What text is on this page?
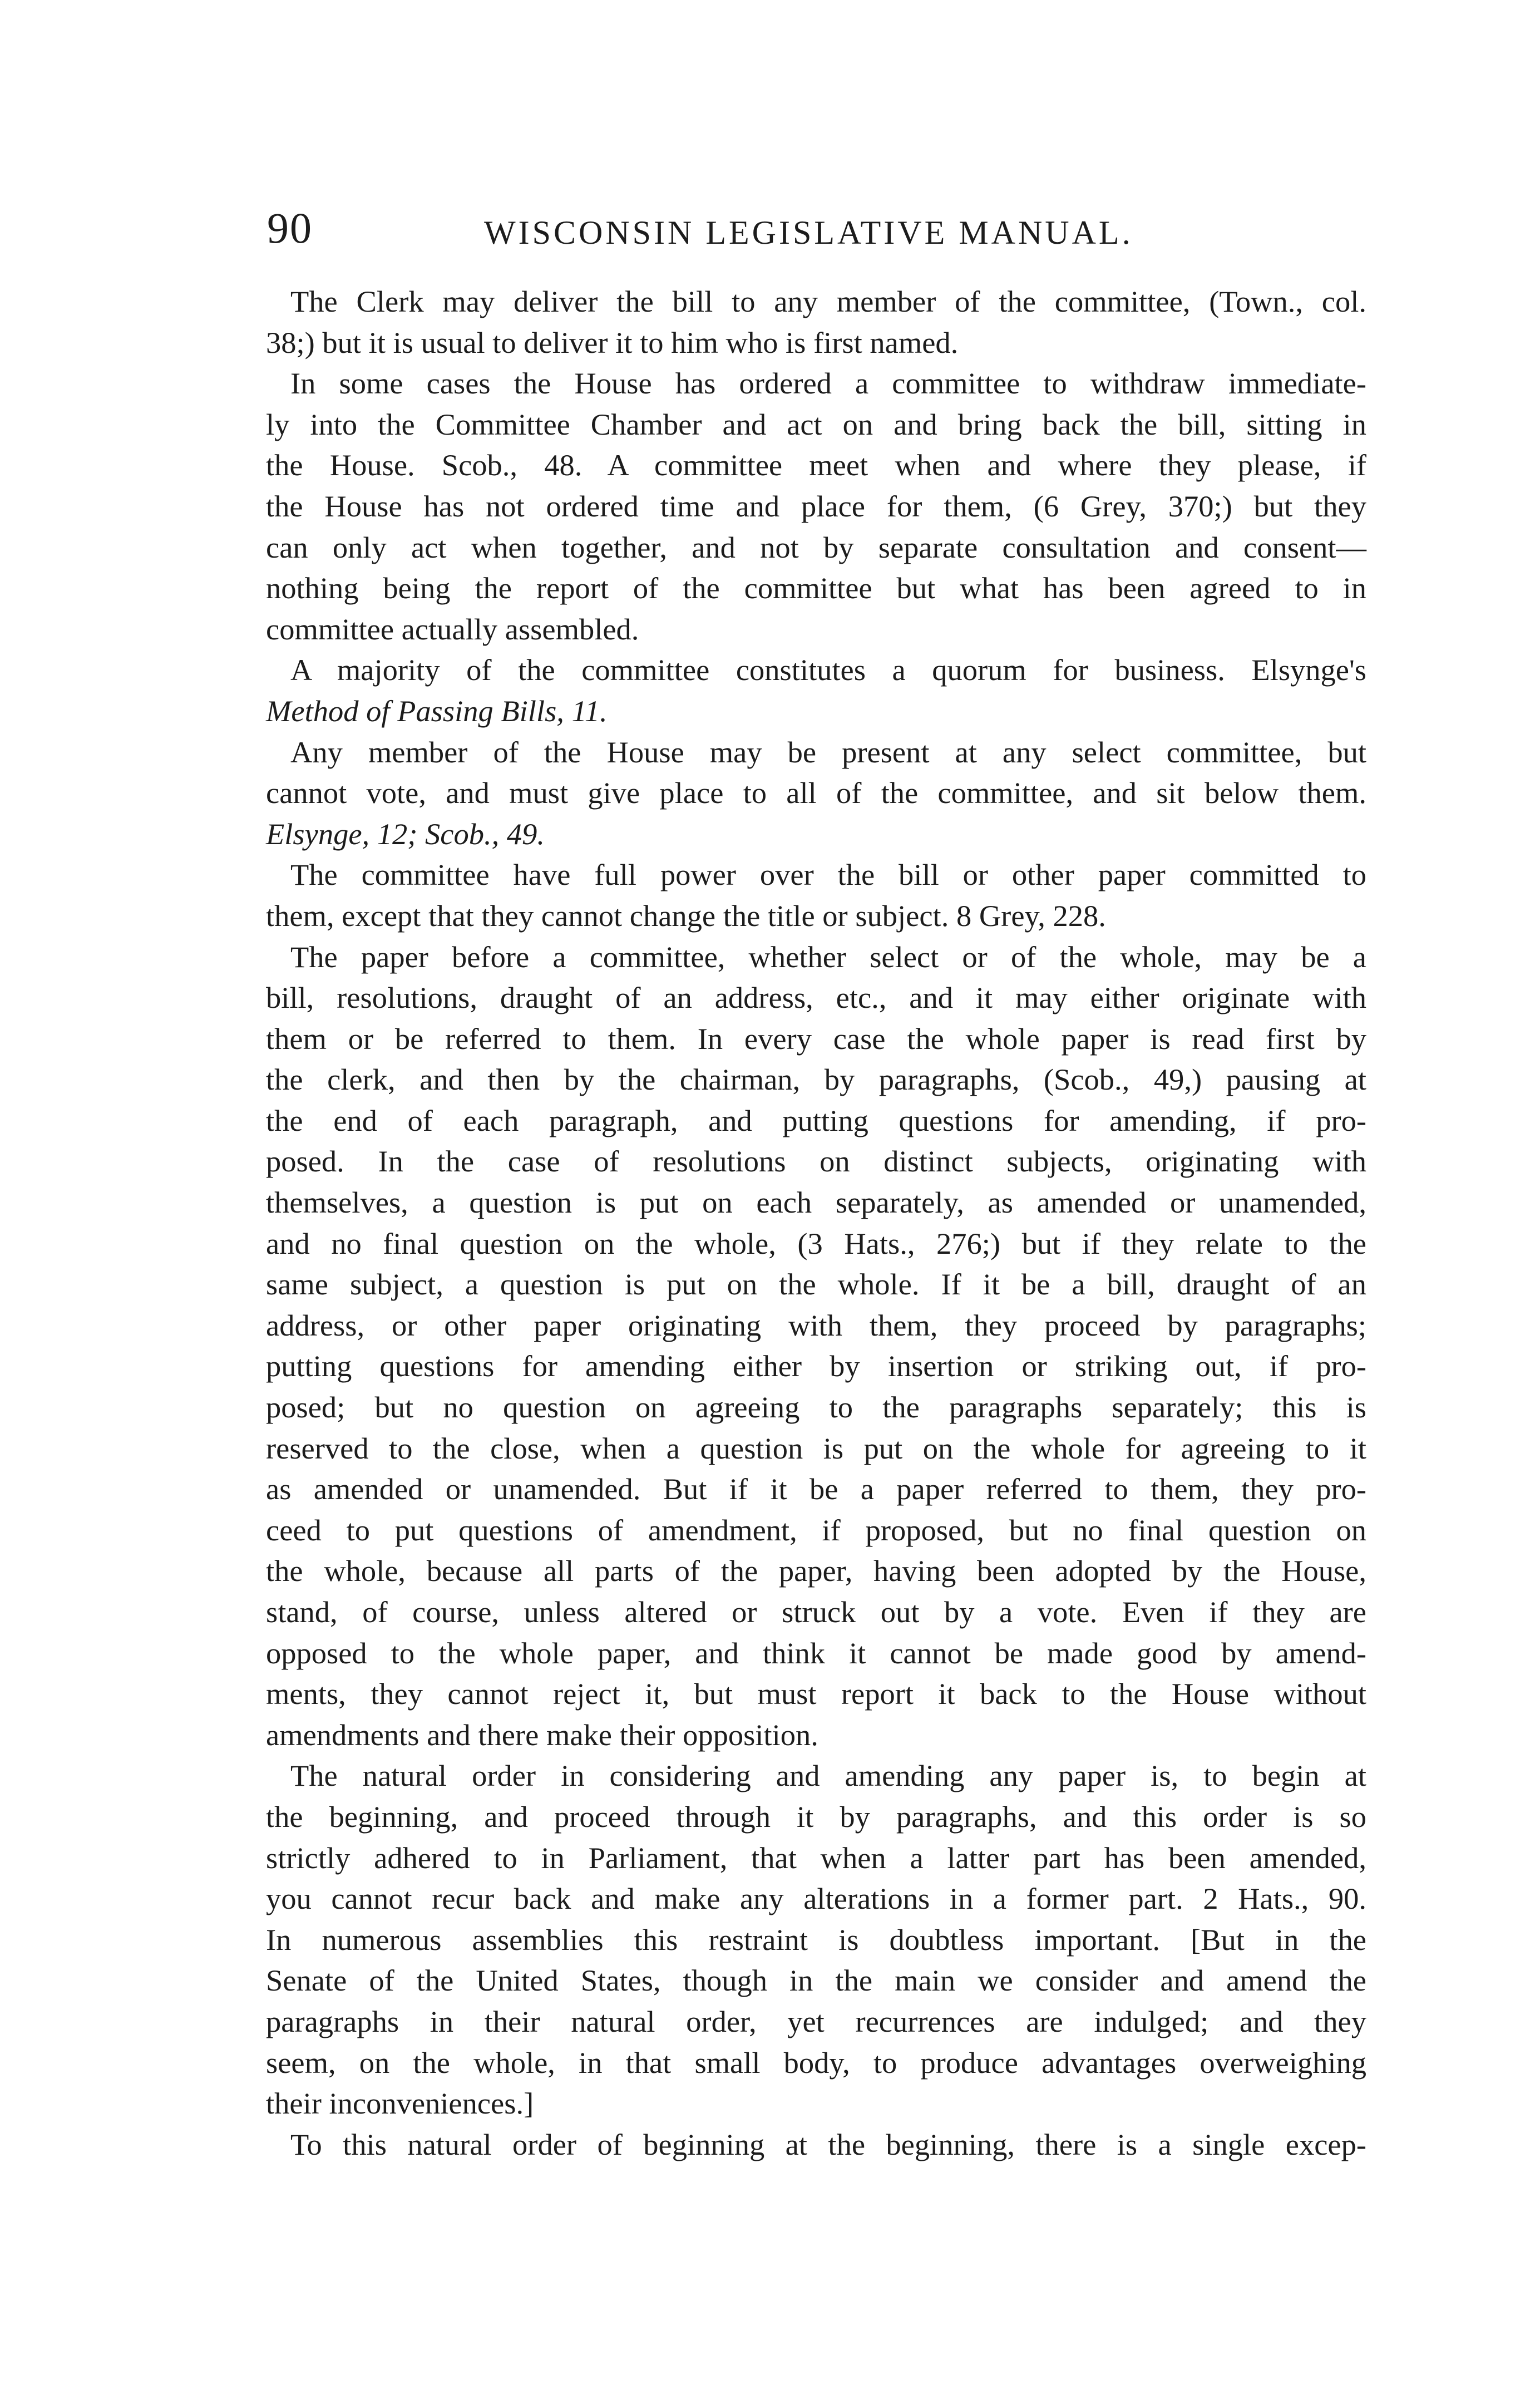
90	WISCONSIN LEGISLATIVE MANUAL.

The Clerk may deliver the bill to any member of the committee, (Town., col.
38;) but it is usual to deliver it to him who is first named.

In some cases the House has ordered a committee to withdraw immediate-
ly into the Committee Chamber and act on and bring back the bill, sitting in
the House. Scob., 48. A committee meet when and where they please, if
the House has not ordered time and place for them, (6 Grey, 370;) but they
can only act when together, and not by separate consultation and consent—
nothing being the report of the committee but what has been agreed to in
committee actually assembled.

A majority of the committee constitutes a quorum for business. Elsynge's
Method of Passing Bills, 11.

Any member of the House may be present at any select committee, but
cannot vote, and must give place to all of the committee, and sit below them.
Elsynge, 12; Scob., 49.

The committee have full power over the bill or other paper committed to
them, except that they cannot change the title or subject. 8 Grey, 228.

The paper before a committee, whether select or of the whole, may be a
bill, resolutions, draught of an address, etc., and it may either originate with
them or be referred to them. In every case the whole paper is read first by
the clerk, and then by the chairman, by paragraphs, (Scob., 49,) pausing at
the end of each paragraph, and putting questions for amending, if pro-
posed. In the case of resolutions on distinct subjects, originating with
themselves, a question is put on each separately, as amended or unamended,
and no final question on the whole, (3 Hats., 276;) but if they relate to the
same subject, a question is put on the whole. If it be a bill, draught of an
address, or other paper originating with them, they proceed by paragraphs;
putting questions for amending either by insertion or striking out, if pro-
posed; but no question on agreeing to the paragraphs separately; this is
reserved to the close, when a question is put on the whole for agreeing to it
as amended or unamended. But if it be a paper referred to them, they pro-
ceed to put questions of amendment, if proposed, but no final question on
the whole, because all parts of the paper, having been adopted by the House,
stand, of course, unless altered or struck out by a vote. Even if they are
opposed to the whole paper, and think it cannot be made good by amend-
ments, they cannot reject it, but must report it back to the House without
amendments and there make their opposition.

The natural order in considering and amending any paper is, to begin at
the beginning, and proceed through it by paragraphs, and this order is so
strictly adhered to in Parliament, that when a latter part has been amended,
you cannot recur back and make any alterations in a former part. 2 Hats., 90.
In numerous assemblies this restraint is doubtless important. [But in the
Senate of the United States, though in the main we consider and amend the
paragraphs in their natural order, yet recurrences are indulged; and they
seem, on the whole, in that small body, to produce advantages overweighing
their inconveniences.]

To this natural order of beginning at the beginning, there is a single excep-
